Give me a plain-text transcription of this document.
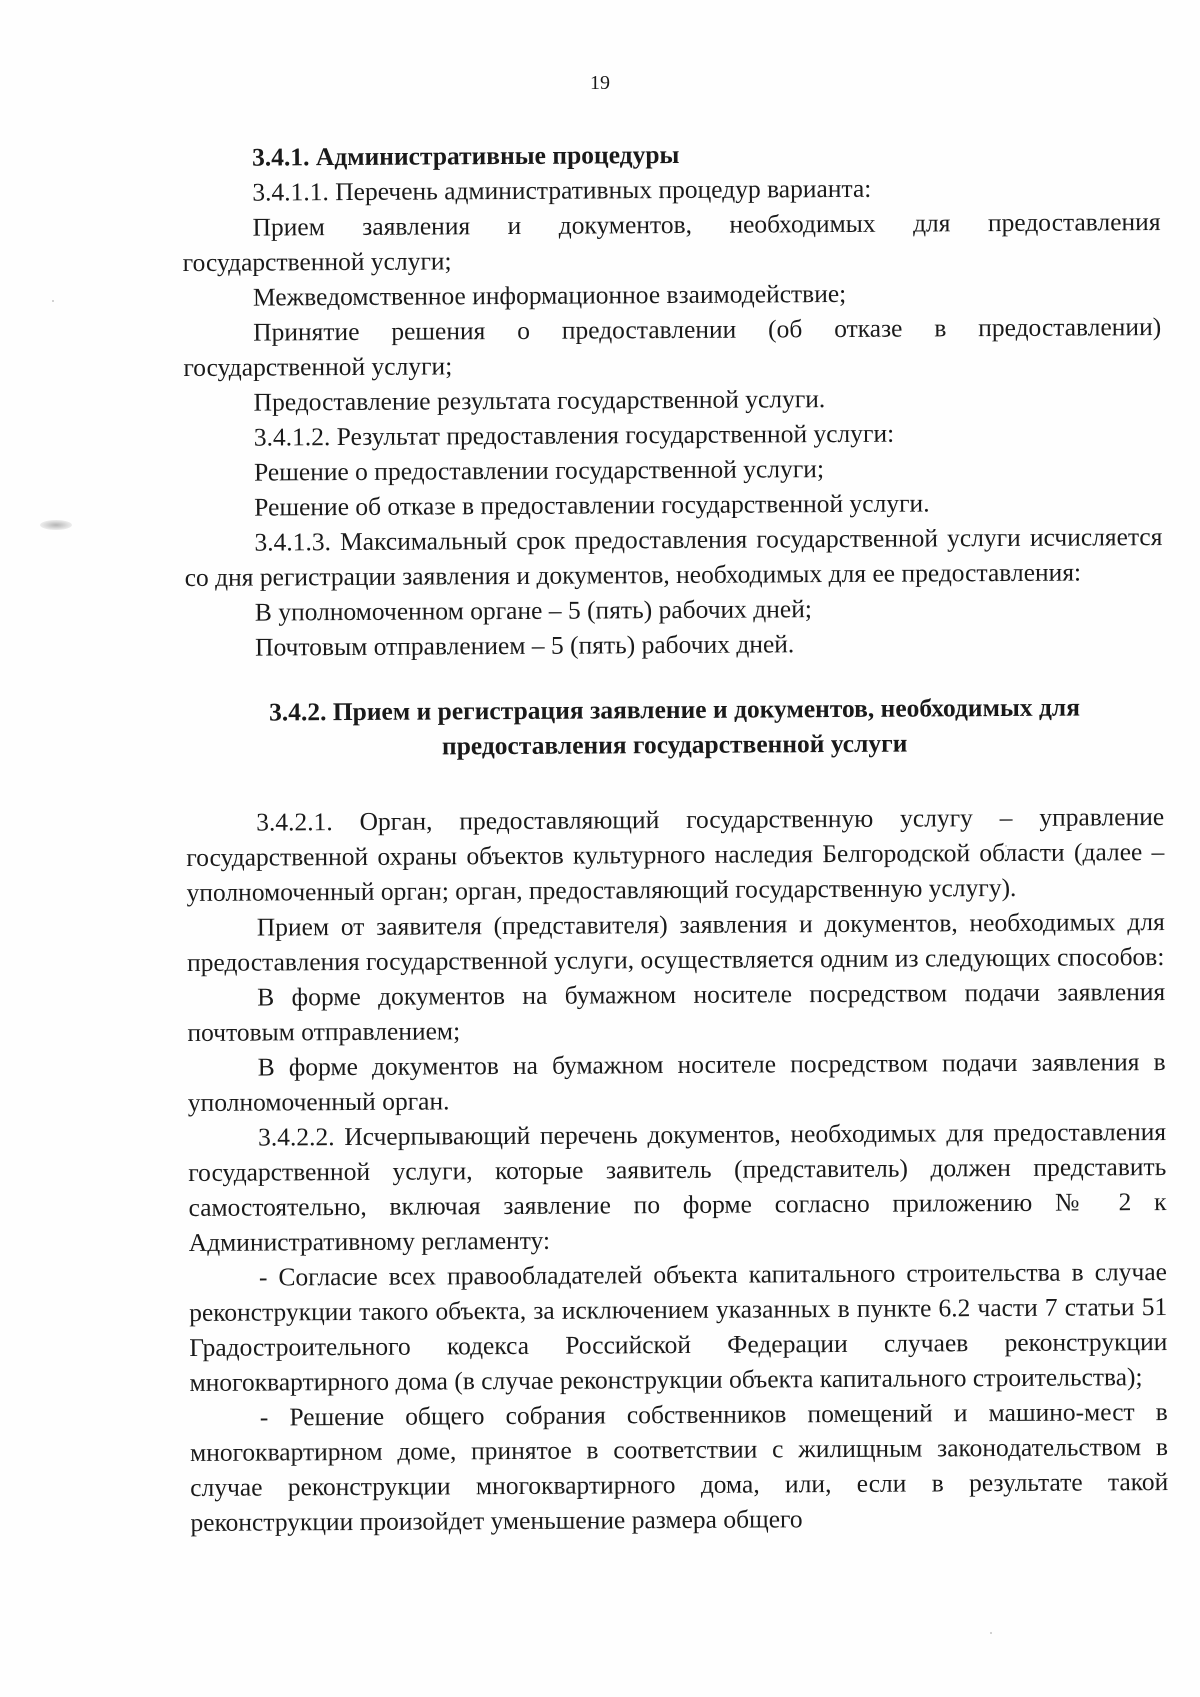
19

3.4.1. Административные процедуры

3.4.1.1. Перечень административных процедур варианта:

Прием заявления и документов, необходимых для предоставления государственной услуги;

Межведомственное информационное взаимодействие;

Принятие решения о предоставлении (об отказе в предоставлении) государственной услуги;

Предоставление результата государственной услуги.

3.4.1.2. Результат предоставления государственной услуги:

Решение о предоставлении государственной услуги;

Решение об отказе в предоставлении государственной услуги.

3.4.1.3. Максимальный срок предоставления государственной услуги исчисляется со дня регистрации заявления и документов, необходимых для ее предоставления:

В уполномоченном органе – 5 (пять) рабочих дней;

Почтовым отправлением – 5 (пять) рабочих дней.

3.4.2. Прием и регистрация заявление и документов, необходимых для предоставления государственной услуги

3.4.2.1. Орган, предоставляющий государственную услугу – управление государственной охраны объектов культурного наследия Белгородской области (далее – уполномоченный орган; орган, предоставляющий государственную услугу).

Прием от заявителя (представителя) заявления и документов, необходимых для предоставления государственной услуги, осуществляется одним из следующих способов:

В форме документов на бумажном носителе посредством подачи заявления почтовым отправлением;

В форме документов на бумажном носителе посредством подачи заявления в уполномоченный орган.

3.4.2.2. Исчерпывающий перечень документов, необходимых для предоставления государственной услуги, которые заявитель (представитель) должен представить самостоятельно, включая заявление по форме согласно приложению № 2 к Административному регламенту:

- Согласие всех правообладателей объекта капитального строительства в случае реконструкции такого объекта, за исключением указанных в пункте 6.2 части 7 статьи 51 Градостроительного кодекса Российской Федерации случаев реконструкции многоквартирного дома (в случае реконструкции объекта капитального строительства);

- Решение общего собрания собственников помещений и машино-мест в многоквартирном доме, принятое в соответствии с жилищным законодательством в случае реконструкции многоквартирного дома, или, если в результате такой реконструкции произойдет уменьшение размера общего
